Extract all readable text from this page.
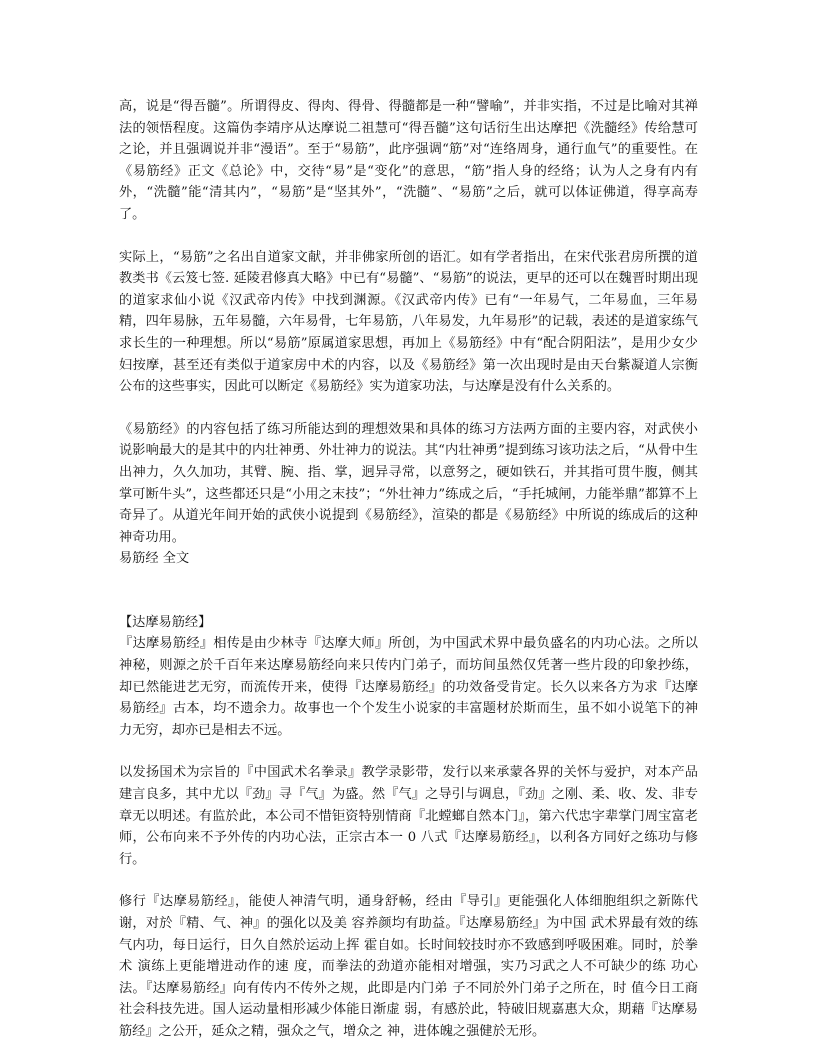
高，说是“得吾髓”。所谓得皮、得肉、得骨、得髓都是一种“譬喻”，并非实指，不过是比喻对其禅法的领悟程度。这篇伪李靖序从达摩说二祖慧可“得吾髓”这句话衍生出达摩把《洗髓经》传给慧可之论，并且强调说并非“漫语”。至于“易筋”，此序强调“筋”对“连络周身，通行血气”的重要性。在《易筋经》正文《总论》中，交待“易”是“变化”的意思，“筋”指人身的经络；认为人之身有内有外，“洗髓”能“清其内”，“易筋”是“坚其外”，“洗髓”、“易筋”之后，就可以体证佛道，得享高寿了。

实际上，“易筋”之名出自道家文献，并非佛家所创的语汇。如有学者指出，在宋代张君房所撰的道教类书《云笈七签. 延陵君修真大略》中已有“易髓”、“易筋”的说法，更早的还可以在魏晋时期出现的道家求仙小说《汉武帝内传》中找到渊源。《汉武帝内传》已有“一年易气，二年易血，三年易精，四年易脉，五年易髓，六年易骨，七年易筋，八年易发，九年易形”的记载，表述的是道家练气求长生的一种理想。所以“易筋”原属道家思想，再加上《易筋经》中有“配合阴阳法”，是用少女少妇按摩，甚至还有类似于道家房中术的内容，以及《易筋经》第一次出现时是由天台紫凝道人宗衡公布的这些事实，因此可以断定《易筋经》实为道家功法，与达摩是没有什么关系的。

《易筋经》的内容包括了练习所能达到的理想效果和具体的练习方法两方面的主要内容，对武侠小说影响最大的是其中的内壮神勇、外壮神力的说法。其“内壮神勇”提到练习该功法之后，“从骨中生出神力，久久加功，其臂、腕、指、掌，迥异寻常，以意努之，硬如铁石，并其指可贯牛腹，侧其掌可断牛头”，这些都还只是“小用之末技”；“外壮神力”练成之后，“手托城闸，力能举鼎”都算不上奇异了。从道光年间开始的武侠小说提到《易筋经》，渲染的都是《易筋经》中所说的练成后的这种神奇功用。

易筋经 全文

【达摩易筋经】

『达摩易筋经』相传是由少林寺『达摩大师』所创，为中国武术界中最负盛名的内功心法。之所以神秘，则源之於千百年来达摩易筋经向来只传内门弟子，而坊间虽然仅凭著一些片段的印象抄练，却已然能进艺无穷，而流传开来，使得『达摩易筋经』的功效备受肯定。长久以来各方为求『达摩易筋经』古本，均不遗余力。故事也一个个发生小说家的丰富题材於斯而生，虽不如小说笔下的神力无穷，却亦已是相去不远。

以发扬国术为宗旨的『中国武术名拳录』教学录影带，发行以来承蒙各界的关怀与爱护，对本产品建言良多，其中尤以『劲』寻『气』为盛。然『气』之导引与调息，『劲』之刚、柔、收、发、非专章无以明述。有监於此，本公司不惜钜资特别情商『北螳螂自然本门』，第六代忠字辈掌门周宝富老师，公布向来不予外传的内功心法，正宗古本一 0 八式『达摩易筋经』，以利各方同好之练功与修行。

修行『达摩易筋经』，能使人神清气明，通身舒畅，经由『导引』更能强化人体细胞组织之新陈代谢，对於『精、气、神』的强化以及美 容养颜均有助益。『达摩易筋经』为中国 武术界最有效的练气内功，每日运行，日久自然於运动上挥 霍自如。长时间较技时亦不致感到呼吸困难。同时，於拳术 演练上更能增进动作的速 度，而拳法的劲道亦能相对增强，实乃习武之人不可缺少的练 功心法。『达摩易筋经』向有传内不传外之规，此即是内门弟 子不同於外门弟子之所在，时 值今日工商社会科技先进。国人运动量相形减少体能日渐虚 弱，有感於此，特破旧规嘉惠大众，期藉『达摩易筋经』之公开，延众之精，强众之气，增众之 神，进体魄之强健於无形。
